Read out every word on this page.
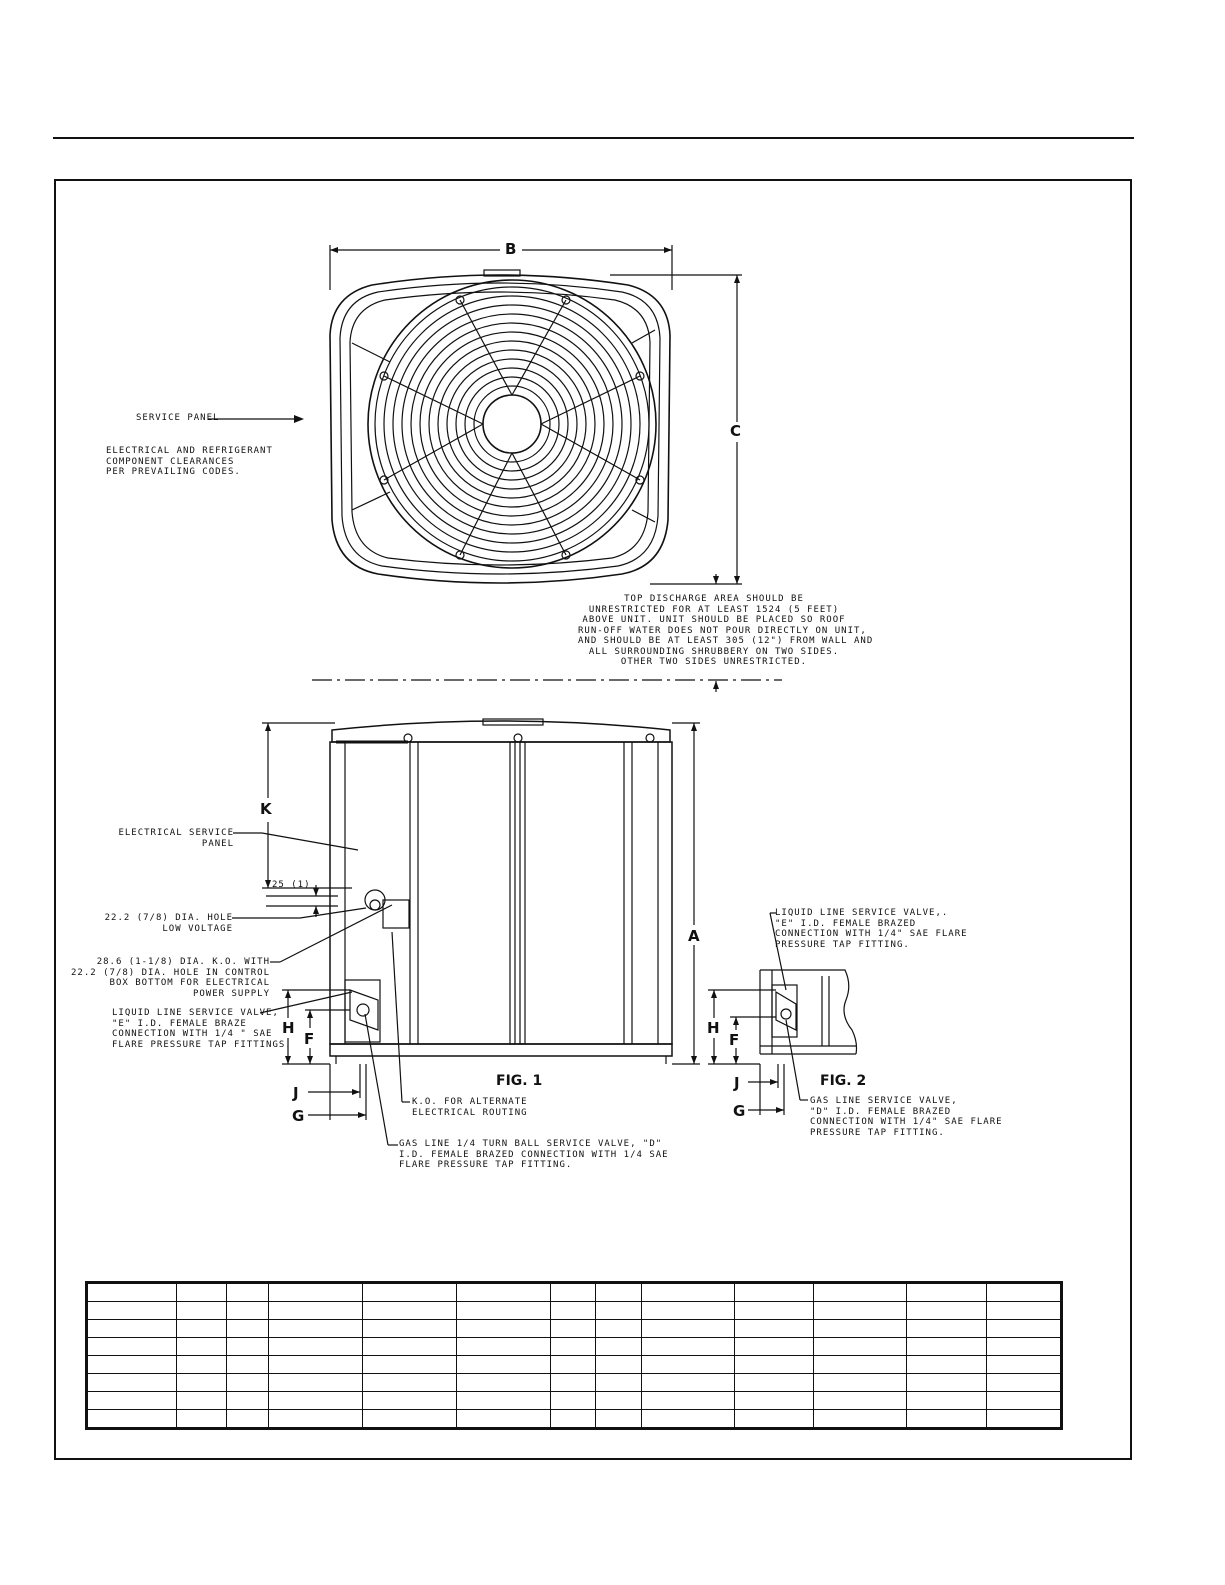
B
C
SERVICE PANEL
ELECTRICAL AND REFRIGERANT
COMPONENT CLEARANCES
PER PREVAILING CODES.
TOP DISCHARGE AREA SHOULD BE
UNRESTRICTED FOR AT LEAST 1524 (5 FEET)
ABOVE UNIT. UNIT SHOULD BE PLACED SO ROOF
RUN-OFF WATER DOES NOT POUR DIRECTLY ON UNIT,
AND SHOULD BE AT LEAST 305 (12") FROM WALL AND
ALL SURROUNDING SHRUBBERY ON TWO SIDES.
OTHER TWO SIDES UNRESTRICTED.
K
A
H
F
J
G
FIG. 1
ELECTRICAL SERVICE
PANEL
25 (1)
22.2 (7/8) DIA. HOLE
LOW VOLTAGE
28.6 (1-1/8) DIA. K.O. WITH
22.2 (7/8) DIA. HOLE IN CONTROL
BOX BOTTOM FOR ELECTRICAL
POWER SUPPLY
LIQUID LINE SERVICE VALVE,
"E" I.D. FEMALE BRAZE
CONNECTION WITH 1/4 " SAE
FLARE PRESSURE TAP FITTINGS.
K.O. FOR ALTERNATE
ELECTRICAL ROUTING
GAS LINE 1/4 TURN BALL SERVICE VALVE, "D"
I.D. FEMALE BRAZED CONNECTION WITH 1/4 SAE
FLARE PRESSURE TAP FITTING.
H
F
J
G
FIG. 2
LIQUID LINE SERVICE VALVE,.
"E" I.D. FEMALE BRAZED
CONNECTION WITH 1/4" SAE FLARE
PRESSURE TAP FITTING.
GAS LINE SERVICE VALVE,
"D" I.D. FEMALE BRAZED
CONNECTION WITH 1/4" SAE FLARE
PRESSURE TAP FITTING.
